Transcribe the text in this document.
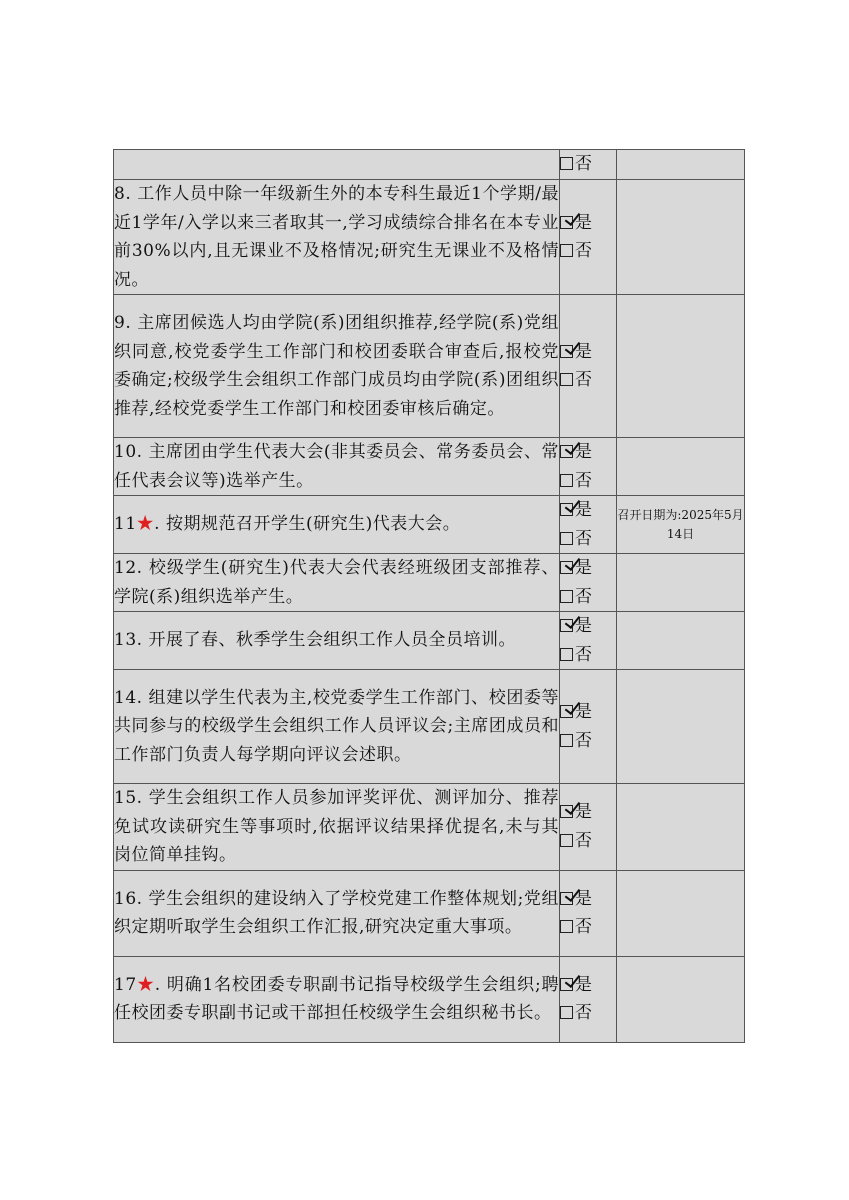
	否	

8. 工作人员中除一年级新生外的本专科生最近1个学期/最近1学年/入学以来三者取其一,学习成绩综合排名在本专业前30%以内,且无课业不及格情况;研究生无课业不及格情况。	是
否	

9. 主席团候选人均由学院(系)团组织推荐,经学院(系)党组织同意,校党委学生工作部门和校团委联合审查后,报校党委确定;校级学生会组织工作部门成员均由学院(系)团组织推荐,经校党委学生工作部门和校团委审核后确定。	是
否	

10. 主席团由学生代表大会(非其委员会、常务委员会、常任代表会议等)选举产生。	是
否	

11★. 按期规范召开学生(研究生)代表大会。	是
否	召开日期为:2025年5月14日
12. 校级学生(研究生)代表大会代表经班级团支部推荐、学院(系)组织选举产生。	是
否	

13. 开展了春、秋季学生会组织工作人员全员培训。	是
否	

14. 组建以学生代表为主,校党委学生工作部门、校团委等共同参与的校级学生会组织工作人员评议会;主席团成员和工作部门负责人每学期向评议会述职。	是
否	

15. 学生会组织工作人员参加评奖评优、测评加分、推荐免试攻读研究生等事项时,依据评议结果择优提名,未与其岗位简单挂钩。	是
否	

16. 学生会组织的建设纳入了学校党建工作整体规划;党组织定期听取学生会组织工作汇报,研究决定重大事项。	是
否	

17★. 明确1名校团委专职副书记指导校级学生会组织;聘任校团委专职副书记或干部担任校级学生会组织秘书长。	是
否	
